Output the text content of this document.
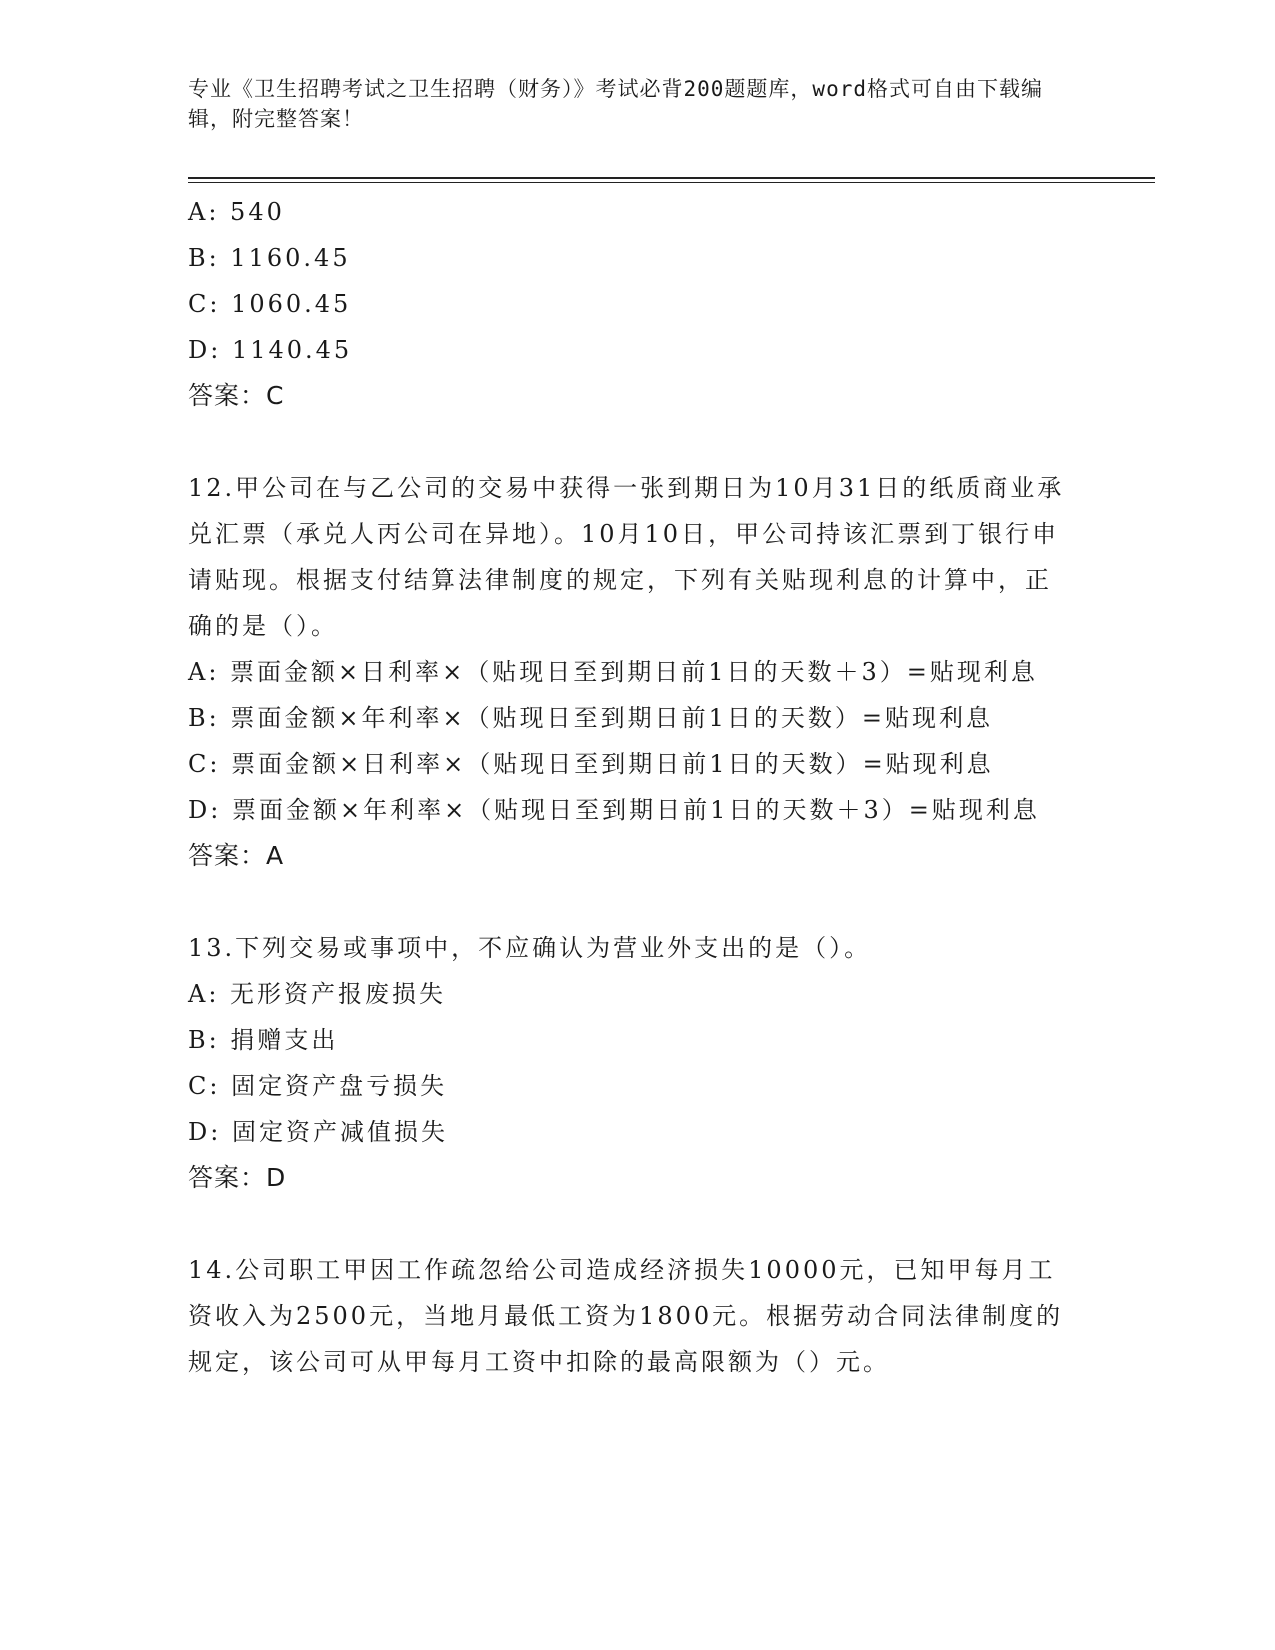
专业《卫生招聘考试之卫生招聘（财务）》考试必背200题题库，word格式可自由下载编辑，附完整答案！
A: 540
B: 1160.45
C: 1060.45
D: 1140.45
答案：C
12.甲公司在与乙公司的交易中获得一张到期日为10月31日的纸质商业承兑汇票（承兑人丙公司在异地）。10月10日，甲公司持该汇票到丁银行申请贴现。根据支付结算法律制度的规定，下列有关贴现利息的计算中，正确的是（）。
A: 票面金额×日利率×（贴现日至到期日前1日的天数＋3）=贴现利息
B: 票面金额×年利率×（贴现日至到期日前1日的天数）=贴现利息
C: 票面金额×日利率×（贴现日至到期日前1日的天数）=贴现利息
D: 票面金额×年利率×（贴现日至到期日前1日的天数＋3）=贴现利息
答案：A
13.下列交易或事项中，不应确认为营业外支出的是（）。
A: 无形资产报废损失
B: 捐赠支出
C: 固定资产盘亏损失
D: 固定资产减值损失
答案：D
14.公司职工甲因工作疏忽给公司造成经济损失10000元，已知甲每月工资收入为2500元，当地月最低工资为1800元。根据劳动合同法律制度的规定，该公司可从甲每月工资中扣除的最高限额为（）元。
